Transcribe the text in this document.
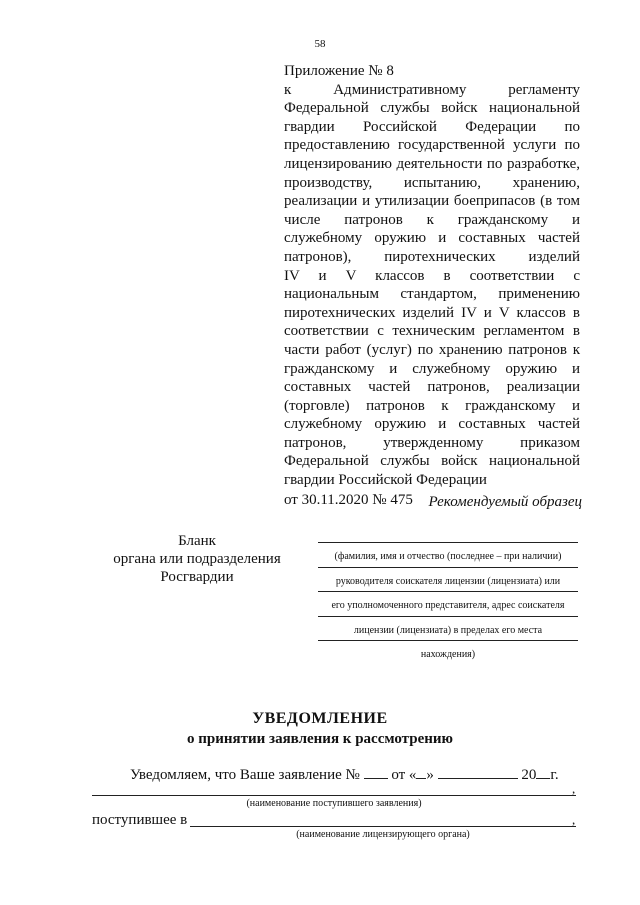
58
Приложение № 8
к Административному регламенту
Федеральной службы войск национальной
гвардии Российской Федерации по
предоставлению государственной услуги по
лицензированию деятельности по разработке,
производству, испытанию, хранению,
реализации и утилизации боеприпасов (в том
числе патронов к гражданскому и
служебному оружию и составных частей
патронов), пиротехнических изделий
IV и V классов в соответствии с
национальным стандартом, применению
пиротехнических изделий IV и V классов в
соответствии с техническим регламентом в
части работ (услуг) по хранению патронов к
гражданскому и служебному оружию и
составных частей патронов, реализации
(торговле) патронов к гражданскому и
служебному оружию и составных частей
патронов, утвержденному приказом
Федеральной службы войск национальной
гвардии Российской Федерации
от 30.11.2020 № 475	Рекомендуемый образец
Бланк
органа или подразделения
Росгвардии
(фамилия, имя и отчество (последнее – при наличии)
руководителя соискателя лицензии (лицензиата) или
его уполномоченного представителя, адрес соискателя
лицензии (лицензиата) в пределах его места
нахождения)
УВЕДОМЛЕНИЕ
о принятии заявления к рассмотрению
Уведомляем, что Ваше заявление № от « »	20 г.
,
(наименование поступившего заявления)
поступившее в	,
(наименование лицензирующего органа)
